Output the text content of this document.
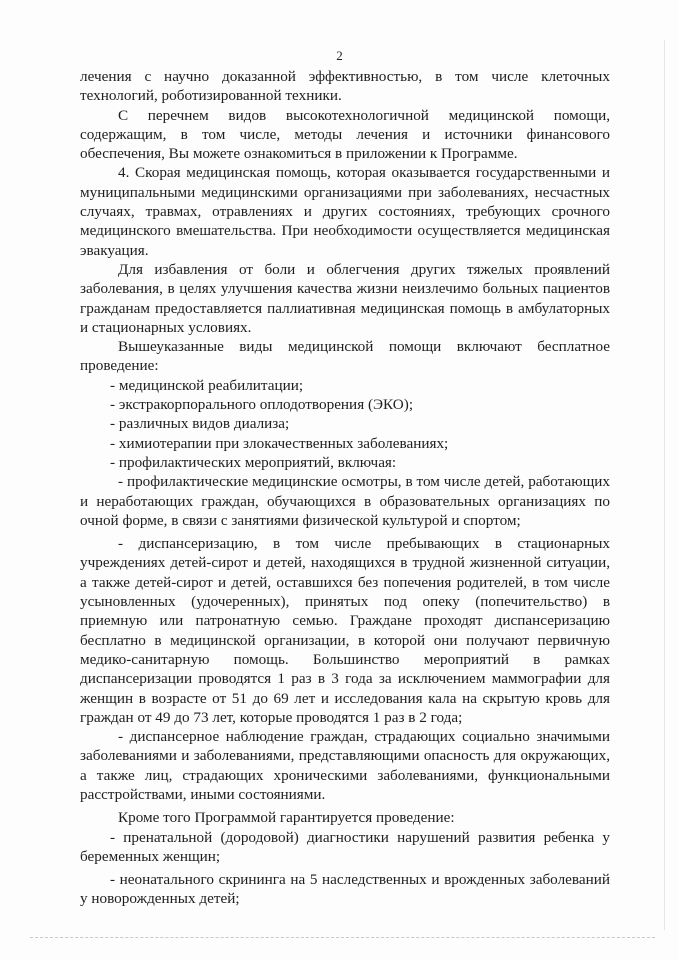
2

лечения с научно доказанной эффективностью, в том числе клеточных технологий, роботизированной техники.

С перечнем видов высокотехнологичной медицинской помощи, содержащим, в том числе, методы лечения и источники финансового обеспечения, Вы можете ознакомиться в приложении к Программе.

4. Скорая медицинская помощь, которая оказывается государственными и муниципальными медицинскими организациями при заболеваниях, несчастных случаях, травмах, отравлениях и других состояниях, требующих срочного медицинского вмешательства. При необходимости осуществляется медицинская эвакуация.

Для избавления от боли и облегчения других тяжелых проявлений заболевания, в целях улучшения качества жизни неизлечимо больных пациентов гражданам предоставляется паллиативная медицинская помощь в амбулаторных и стационарных условиях.

Вышеуказанные виды медицинской помощи включают бесплатное проведение:

- медицинской реабилитации;

- экстракорпорального оплодотворения (ЭКО);

- различных видов диализа;

- химиотерапии при злокачественных заболеваниях;

- профилактических мероприятий, включая:

- профилактические медицинские осмотры, в том числе детей, работающих и неработающих граждан, обучающихся в образовательных организациях по очной форме, в связи с занятиями физической культурой и спортом;

- диспансеризацию, в том числе пребывающих в стационарных учреждениях детей-сирот и детей, находящихся в трудной жизненной ситуации, а также детей-сирот и детей, оставшихся без попечения родителей, в том числе усыновленных (удочеренных), принятых под опеку (попечительство) в приемную или патронатную семью. Граждане проходят диспансеризацию бесплатно в медицинской организации, в которой они получают первичную медико-санитарную помощь. Большинство мероприятий в рамках диспансеризации проводятся 1 раз в 3 года за исключением маммографии для женщин в возрасте от 51 до 69 лет и исследования кала на скрытую кровь для граждан от 49 до 73 лет, которые проводятся 1 раз в 2 года;

- диспансерное наблюдение граждан, страдающих социально значимыми заболеваниями и заболеваниями, представляющими опасность для окружающих, а также лиц, страдающих хроническими заболеваниями, функциональными расстройствами, иными состояниями.

Кроме того Программой гарантируется проведение:

- пренатальной (дородовой) диагностики нарушений развития ребенка у беременных женщин;

- неонатального скрининга на 5 наследственных и врожденных заболеваний у новорожденных детей;
